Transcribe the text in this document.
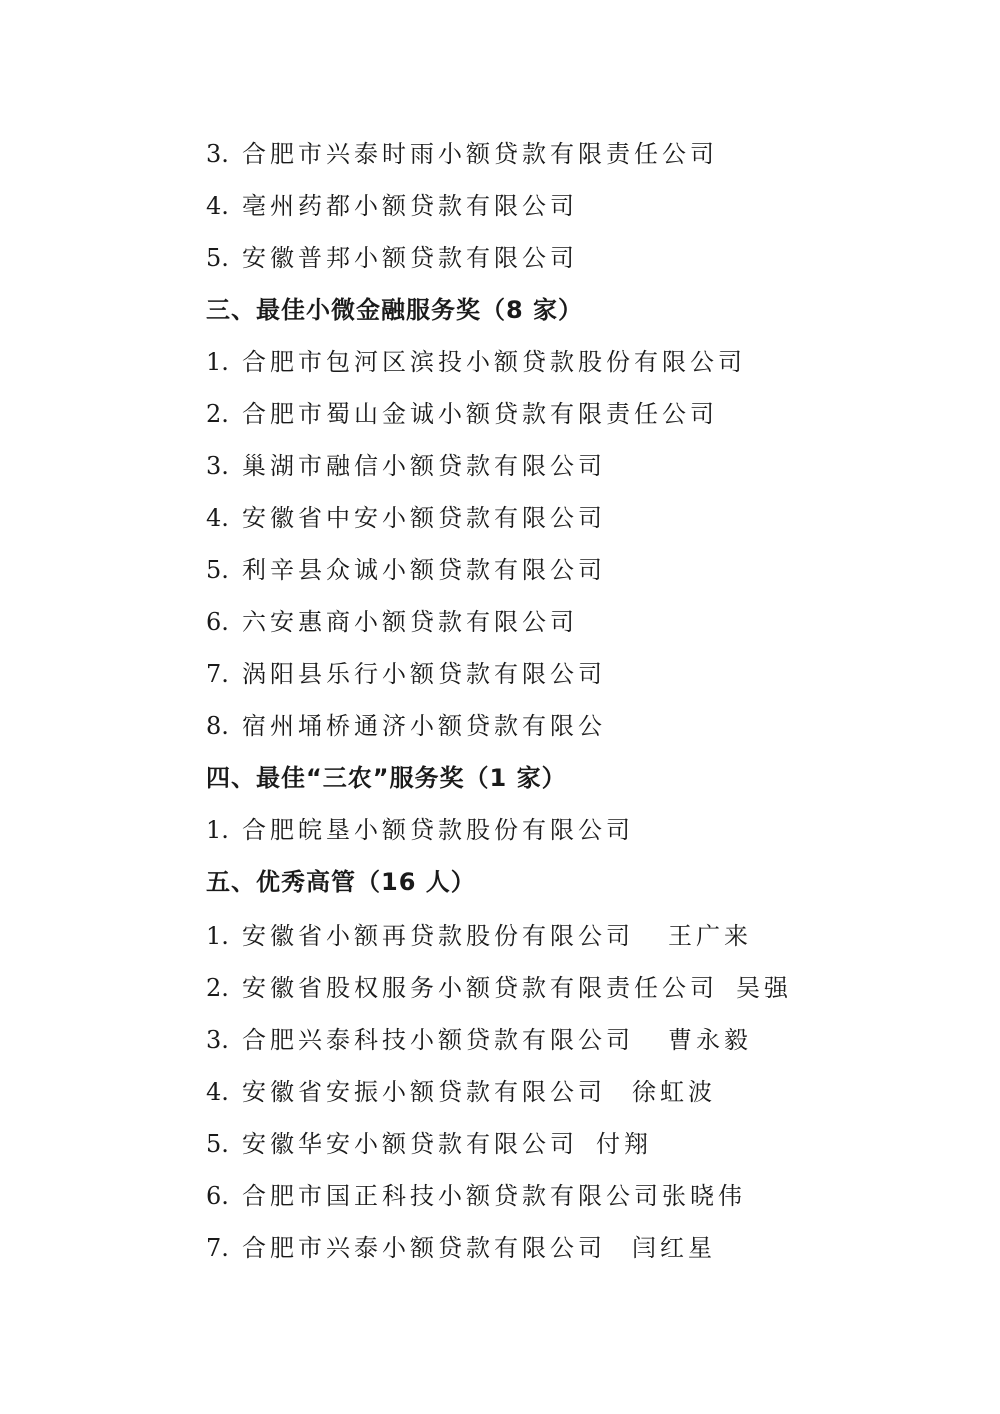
3. 合肥市兴泰时雨小额贷款有限责任公司
4. 亳州药都小额贷款有限公司
5. 安徽普邦小额贷款有限公司
三、最佳小微金融服务奖（8 家）
1. 合肥市包河区滨投小额贷款股份有限公司
2. 合肥市蜀山金诚小额贷款有限责任公司
3. 巢湖市融信小额贷款有限公司
4. 安徽省中安小额贷款有限公司
5. 利辛县众诚小额贷款有限公司
6. 六安惠商小额贷款有限公司
7. 涡阳县乐行小额贷款有限公司
8. 宿州埇桥通济小额贷款有限公
四、最佳“三农”服务奖（1 家）
1. 合肥皖垦小额贷款股份有限公司
五、优秀高管（16 人）
1. 安徽省小额再贷款股份有限公司 王广来
2. 安徽省股权服务小额贷款有限责任公司 吴强
3. 合肥兴泰科技小额贷款有限公司 曹永毅
4. 安徽省安振小额贷款有限公司 徐虹波
5. 安徽华安小额贷款有限公司 付翔
6. 合肥市国正科技小额贷款有限公司张晓伟
7. 合肥市兴泰小额贷款有限公司 闫红星
